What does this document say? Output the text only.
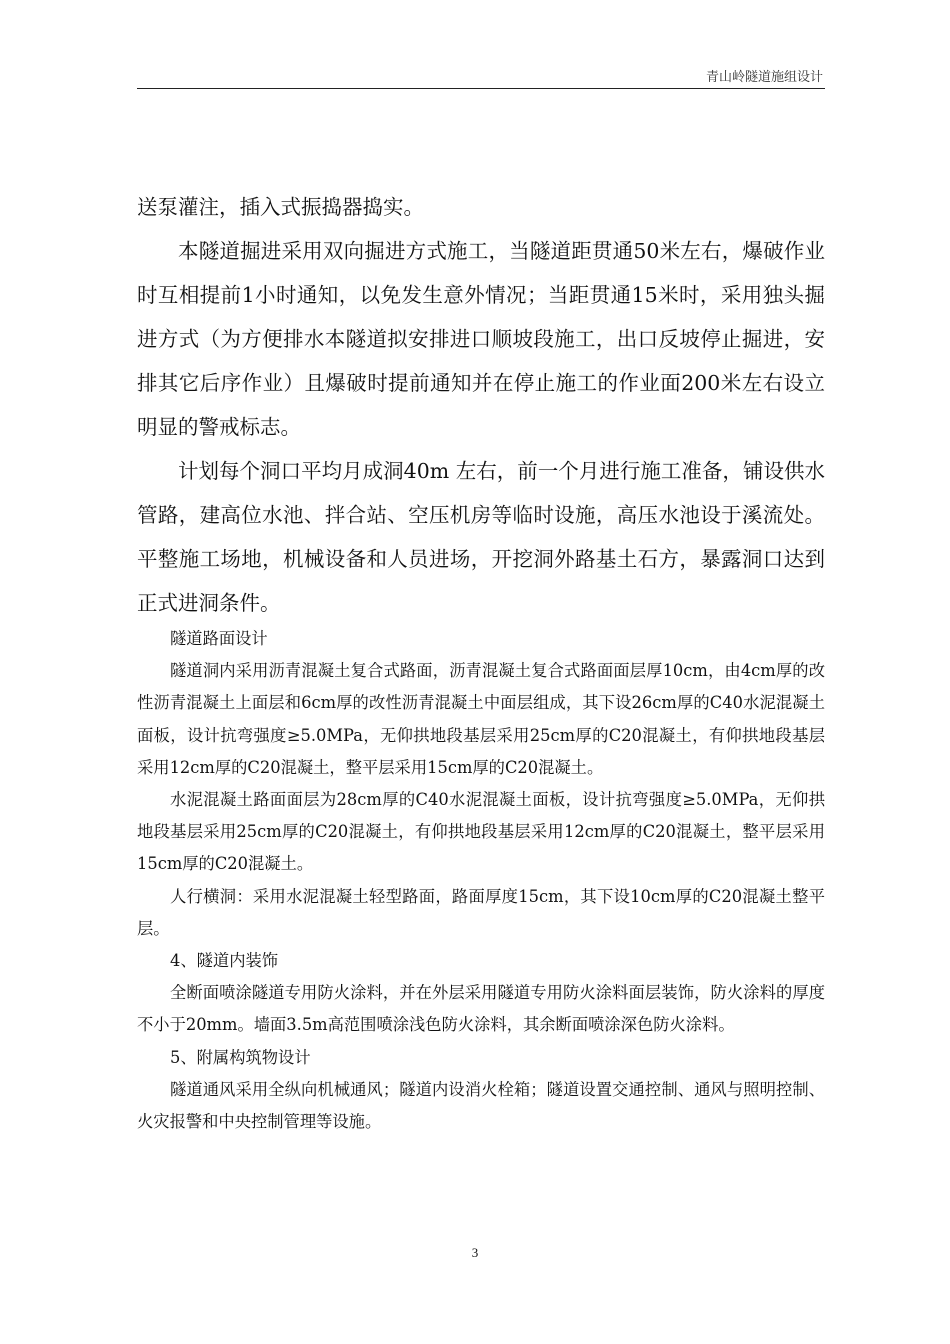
青山岭隧道施组设计

送泵灌注，插入式振捣器捣实。

本隧道掘进采用双向掘进方式施工，当隧道距贯通50米左右，爆破作业时互相提前1小时通知，以免发生意外情况；当距贯通15米时，采用独头掘进方式（为方便排水本隧道拟安排进口顺坡段施工，出口反坡停止掘进，安排其它后序作业）且爆破时提前通知并在停止施工的作业面200米左右设立明显的警戒标志。

计划每个洞口平均月成洞40m 左右，前一个月进行施工准备，铺设供水管路，建高位水池、拌合站、空压机房等临时设施，高压水池设于溪流处。平整施工场地，机械设备和人员进场，开挖洞外路基土石方，暴露洞口达到正式进洞条件。

隧道路面设计

隧道洞内采用沥青混凝土复合式路面，沥青混凝土复合式路面面层厚10cm，由4cm厚的改性沥青混凝土上面层和6cm厚的改性沥青混凝土中面层组成，其下设26cm厚的C40水泥混凝土面板，设计抗弯强度≥5.0MPa，无仰拱地段基层采用25cm厚的C20混凝土，有仰拱地段基层采用12cm厚的C20混凝土，整平层采用15cm厚的C20混凝土。

水泥混凝土路面面层为28cm厚的C40水泥混凝土面板，设计抗弯强度≥5.0MPa，无仰拱地段基层采用25cm厚的C20混凝土，有仰拱地段基层采用12cm厚的C20混凝土，整平层采用15cm厚的C20混凝土。

人行横洞：采用水泥混凝土轻型路面，路面厚度15cm，其下设10cm厚的C20混凝土整平层。

4、隧道内装饰

全断面喷涂隧道专用防火涂料，并在外层采用隧道专用防火涂料面层装饰，防火涂料的厚度不小于20mm。墙面3.5m高范围喷涂浅色防火涂料，其余断面喷涂深色防火涂料。

5、附属构筑物设计

隧道通风采用全纵向机械通风；隧道内设消火栓箱；隧道设置交通控制、通风与照明控制、火灾报警和中央控制管理等设施。

3
